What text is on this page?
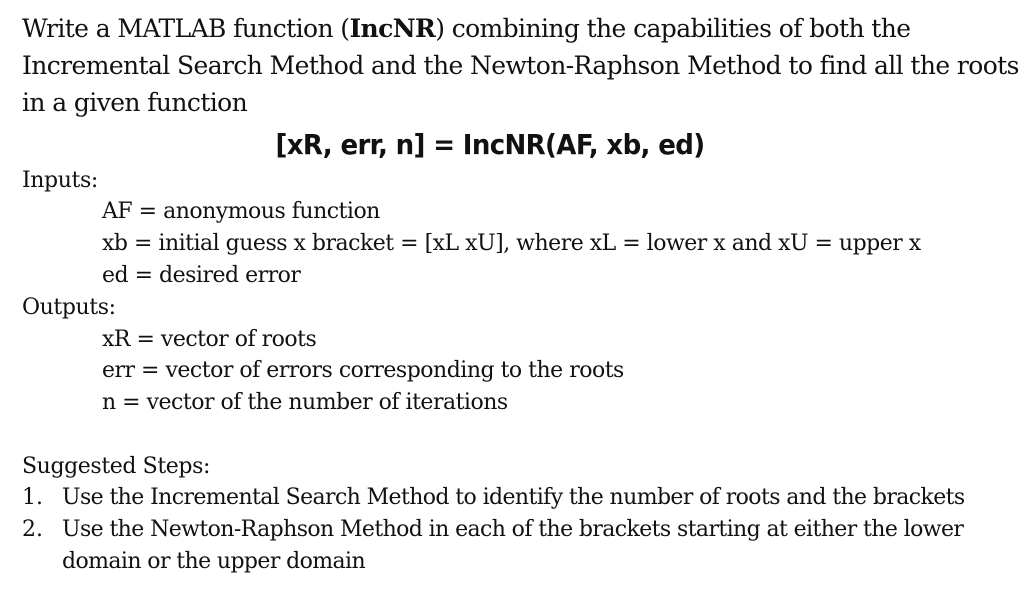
Write a MATLAB function (IncNR) combining the capabilities of both the Incremental Search Method and the Newton-Raphson Method to find all the roots in a given function
[xR, err, n] = IncNR(AF, xb, ed)
Inputs:
AF = anonymous function
xb = initial guess x bracket = [xL xU], where xL = lower x and xU = upper x
ed = desired error
Outputs:
xR = vector of roots
err = vector of errors corresponding to the roots
n = vector of the number of iterations
Suggested Steps:
1. Use the Incremental Search Method to identify the number of roots and the brackets
2. Use the Newton-Raphson Method in each of the brackets starting at either the lower domain or the upper domain
